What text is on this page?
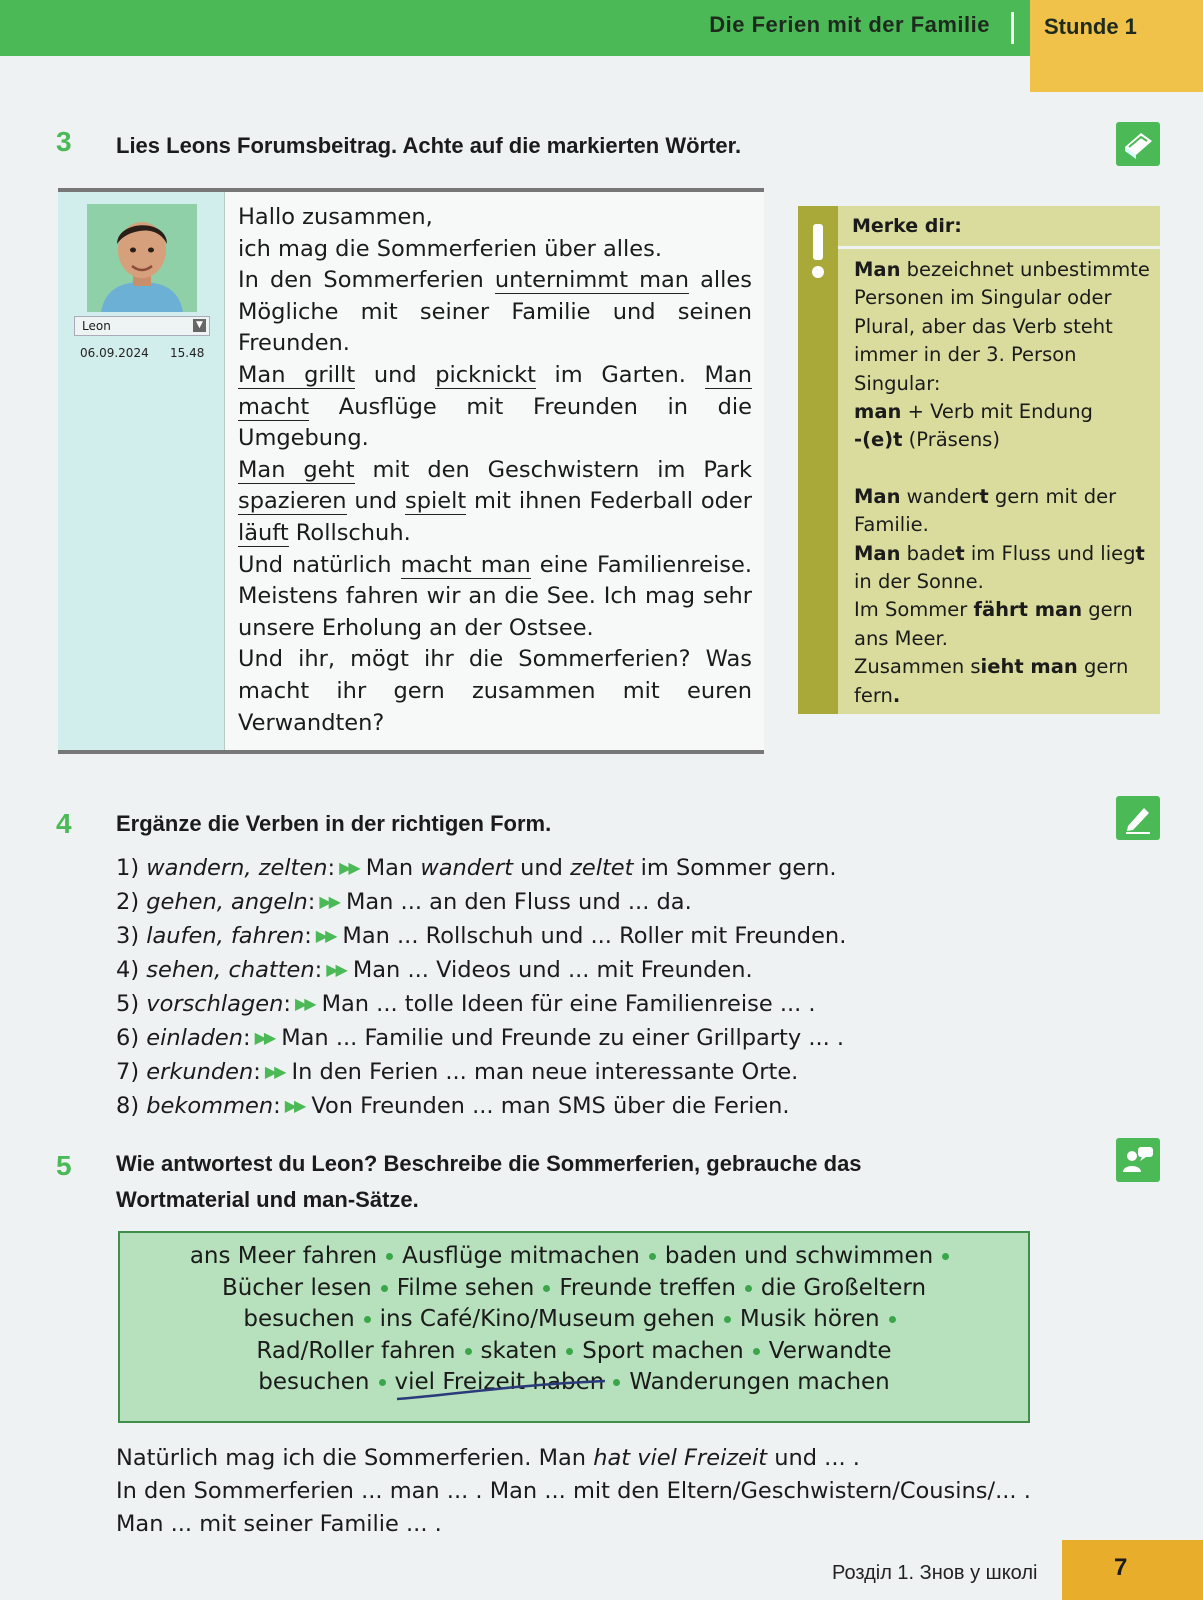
Die Ferien mit der Familie Stunde 1
3 Lies Leons Forumsbeitrag. Achte auf die markierten Wörter.
Leon	▼
06.09.2024 15.48

Hallo zusammen,

ich mag die Sommerferien über alles.

In den Sommerferien unternimmt man alles Mögliche mit seiner Familie und seinen Freunden.

Man grillt und picknickt im Garten. Man macht Ausflüge mit Freunden in die Umgebung.

Man geht mit den Geschwistern im Park spazieren und spielt mit ihnen Federball oder läuft Rollschuh.

Und natürlich macht man eine Familienreise. Meistens fahren wir an die See. Ich mag sehr unsere Erholung an der Ostsee.

Und ihr, mögt ihr die Sommerferien? Was macht ihr gern zusammen mit euren Verwandten?

Merke dir:

Man bezeichnet unbestimmte Personen im Singular oder Plural, aber das Verb steht immer in der 3. Person Singular:

man + Verb mit Endung

-(e)t (Präsens)

Man wandert gern mit der Familie.

Man badet im Fluss und liegt in der Sonne.

Im Sommer fährt man gern ans Meer.

Zusammen sieht man gern fern.

4 Ergänze die Verben in der richtigen Form.
1) wandern, zelten: ▶▶ Man wandert und zeltet im Sommer gern.
2) gehen, angeln: ▶▶ Man ... an den Fluss und ... da.
3) laufen, fahren: ▶▶ Man ... Rollschuh und ... Roller mit Freunden.
4) sehen, chatten: ▶▶ Man ... Videos und ... mit Freunden.
5) vorschlagen: ▶▶ Man ... tolle Ideen für eine Familienreise ... .
6) einladen: ▶▶ Man ... Familie und Freunde zu einer Grillparty ... .
7) erkunden: ▶▶ In den Ferien ... man neue interessante Orte.
8) bekommen: ▶▶ Von Freunden ... man SMS über die Ferien.
5 Wie antwortest du Leon? Beschreibe die Sommerferien, gebrauche das
Wortmaterial und man-Sätze.
ans Meer fahren Ausflüge mitmachen baden und schwimmen
Bücher lesen Filme sehen Freunde treffen die Großeltern
besuchen ins Café/Kino/Museum gehen Musik hören
Rad/Roller fahren skaten Sport machen Verwandte
besuchen viel Freizeit haben Wanderungen machen
Natürlich mag ich die Sommerferien. Man hat viel Freizeit und ... .
In den Sommerferien ... man ... . Man ... mit den Eltern/Geschwistern/Cousins/... .
Man ... mit seiner Familie ... .
Розділ 1. Знов у школі	7
